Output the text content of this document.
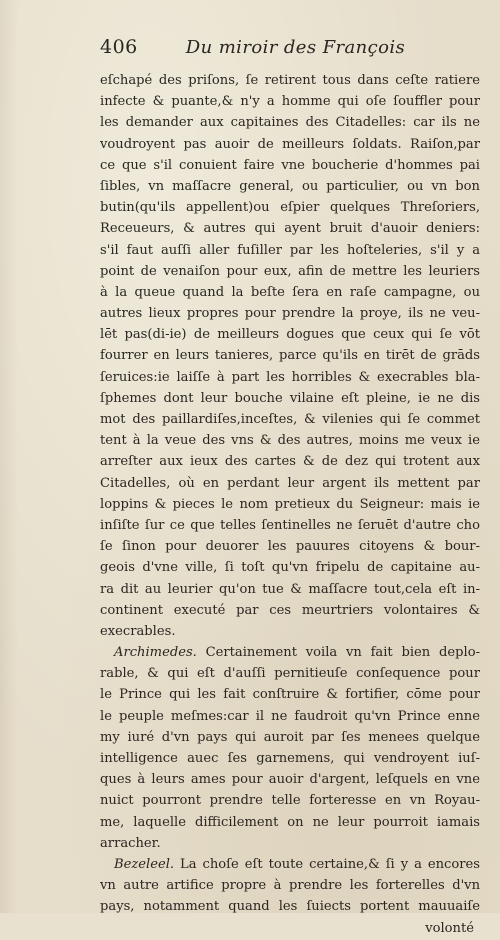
406	Du miroir des François
eſchapé des priſons, ſe retirent tous dans ceſte ratiere
infecte & puante,& n'y a homme qui oſe ſouffler pour
les demander aux capitaines des Citadelles: car ils ne
voudroyent pas auoir de meilleurs ſoldats. Raiſon,par
ce que s'il conuient faire vne boucherie d'hommes pai
ſibles, vn maſſacre general, ou particulier, ou vn bon
butin(qu'ils appellent)ou eſpier quelques Threſoriers,
Receueurs, & autres qui ayent bruit d'auoir deniers:
s'il faut auſſi aller fuſiller par les hoſteleries, s'il y a
point de venaiſon pour eux, afin de mettre les leuriers
à la queue quand la beſte ſera en raſe campagne, ou
autres lieux propres pour prendre la proye, ils ne veu-
lēt pas(di-ie) de meilleurs dogues que ceux qui ſe vōt
fourrer en leurs tanieres, parce qu'ils en tirēt de grāds
ſeruices:ie laiſſe à part les horribles & execrables bla-
ſphemes dont leur bouche vilaine eſt pleine, ie ne dis
mot des paillardiſes,inceſtes, & vilenies qui ſe commet
tent à la veue des vns & des autres, moins me veux ie
arreſter aux ieux des cartes & de dez qui trotent aux
Citadelles, où en perdant leur argent ils mettent par
loppins & pieces le nom pretieux du Seigneur: mais ie
inſiſte ſur ce que telles ſentinelles ne ſeruēt d'autre cho
ſe ſinon pour deuorer les pauures citoyens & bour-
geois d'vne ville, ſi toſt qu'vn fripelu de capitaine au-
ra dit au leurier qu'on tue & maſſacre tout,cela eſt in-
continent executé par ces meurtriers volontaires &
execrables.
Archimedes. Certainement voila vn fait bien deplo-
rable, & qui eſt d'auſſi pernitieuſe conſequence pour
le Prince qui les fait conſtruire & fortifier, cōme pour
le peuple meſmes:car il ne faudroit qu'vn Prince enne
my iuré d'vn pays qui auroit par ſes menees quelque
intelligence auec ſes garnemens, qui vendroyent iuſ-
ques à leurs ames pour auoir d'argent, leſquels en vne
nuict pourront prendre telle forteresse en vn Royau-
me, laquelle difficilement on ne leur pourroit iamais
arracher.
Bezeleel. La choſe eſt toute certaine,& ſi y a encores
vn autre artifice propre à prendre les forterelles d'vn
pays, notamment quand les ſuiects portent mauuaiſe
volonté
